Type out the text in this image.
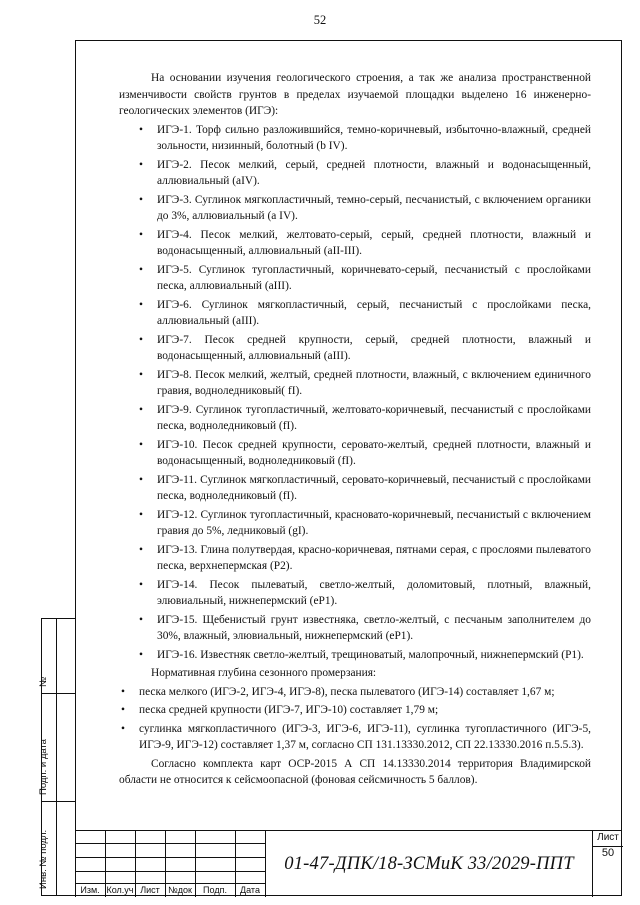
52
№
Подп. и дата
Инв. № подл.

На основании изучения геологического строения, а так же анализа пространственной изменчивости свойств грунтов в пределах изучаемой площадки выделено 16 инженерно-геологических элементов (ИГЭ):

• ИГЭ-1. Торф сильно разложившийся, темно-коричневый, избыточно-влажный, средней зольности, низинный, болотный (b IV).
• ИГЭ-2. Песок мелкий, серый, средней плотности, влажный и водонасыщенный, аллювиальный (aIV).
• ИГЭ-3. Суглинок мягкопластичный, темно-серый, песчанистый, с включением органики до 3%, аллювиальный (a IV).
• ИГЭ-4. Песок мелкий, желтовато-серый, серый, средней плотности, влажный и водонасыщенный, аллювиальный (aII-III).
• ИГЭ-5. Суглинок тугопластичный, коричневато-серый, песчанистый с прослойками песка, аллювиальный (aIII).
• ИГЭ-6. Суглинок мягкопластичный, серый, песчанистый с прослойками песка, аллювиальный (aIII).
• ИГЭ-7. Песок средней крупности, серый, средней плотности, влажный и водонасыщенный, аллювиальный (aIII).
• ИГЭ-8. Песок мелкий, желтый, средней плотности, влажный, с включением единичного гравия, водноледниковый( fI).
• ИГЭ-9. Суглинок тугопластичный, желтовато-коричневый, песчанистый с прослойками песка, водноледниковый (fI).
• ИГЭ-10. Песок средней крупности, серовато-желтый, средней плотности, влажный и водонасыщенный, водноледниковый (fI).
• ИГЭ-11. Суглинок мягкопластичный, серовато-коричневый, песчанистый с прослойками песка, водноледниковый (fI).
• ИГЭ-12. Суглинок тугопластичный, красновато-коричневый, песчанистый с включением гравия до 5%, ледниковый (gI).
• ИГЭ-13. Глина полутвердая, красно-коричневая, пятнами серая, с прослоями пылеватого песка, верхнепермская (P2).
• ИГЭ-14. Песок пылеватый, светло-желтый, доломитовый, плотный, влажный, элювиальный, нижнепермский (eP1).
• ИГЭ-15. Щебенистый грунт известняка, светло-желтый, с песчаным заполнителем до 30%, влажный, элювиальный, нижнепермский (eP1).
• ИГЭ-16. Известняк светло-желтый, трещиноватый, малопрочный, нижнепермский (P1).

Нормативная глубина сезонного промерзания:

• песка мелкого (ИГЭ-2, ИГЭ-4, ИГЭ-8), песка пылеватого (ИГЭ-14) составляет 1,67 м;
• песка средней крупности (ИГЭ-7, ИГЭ-10) составляет 1,79 м;
• суглинка мягкопластичного (ИГЭ-3, ИГЭ-6, ИГЭ-11), суглинка тугопластичного (ИГЭ-5, ИГЭ-9, ИГЭ-12) составляет 1,37 м, согласно СП 131.13330.2012, СП 22.13330.2016 п.5.5.3).

Согласно комплекта карт ОСР-2015 А СП 14.13330.2014 территория Владимирской области не относится к сейсмоопасной (фоновая сейсмичность 5 баллов).

Изм. Кол.уч Лист №док	Подп.	Дата
01-47-ДПК/18-ЗСМиК 33/2029-ППТ
Лист
50
